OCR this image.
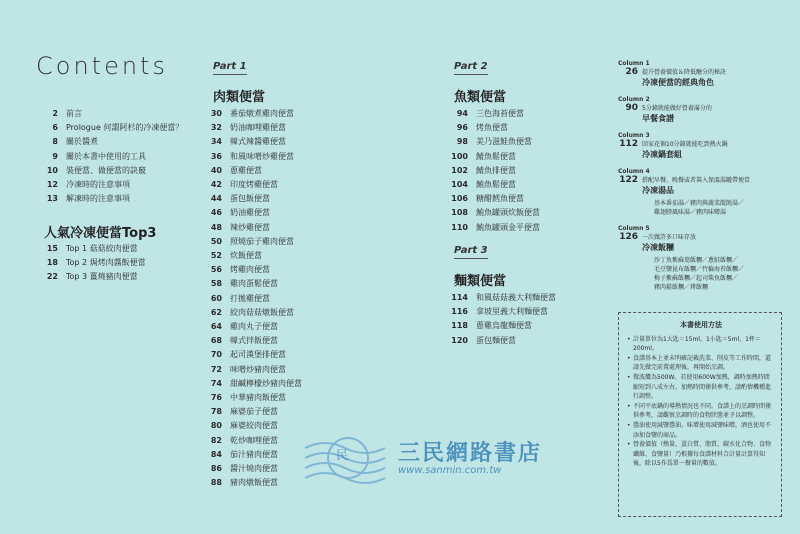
Contents
2 前言
6 Prologue 何謂阿杉的冷凍便當？
8 關於醬煮
9 關於本書中使用的工具
10 裝便當、做便當的訣竅
12 冷凍時的注意事項
13 解凍時的注意事項
人氣冷凍便當Top3
15 Top 1 菇菇絞肉便當
18 Top 2 焗烤肉醬飯便當
22 Top 3 薑燒豬肉便當
Part 1
肉類便當
30 番茄燉煮雞肉便當
32 奶油咖哩雞便當
34 韓式辣醬雞便當
36 和風味噌炒雞便當
40 蔥雞便當
42 印度烤雞便當
44 蛋包飯便當
46 奶油雞便當
48 辣炒雞便當
50 照燒茄子雞肉便當
52 炊飯便當
56 烤雞肉便當
58 雞肉蛋鬆便當
60 打拋雞便當
62 絞肉菇菇燉飯便當
64 雞肉丸子便當
68 韓式拌飯便當
70 起司漢堡排便當
72 味噌炒豬肉便當
74 甜鹹檸檬炒豬肉便當
76 中華豬肉飯便當
78 麻婆茄子便當
80 麻婆絞肉便當
82 乾炒咖哩便當
84 茄汁豬肉便當
86 醬汁燒肉便當
88 豬肉燉飯便當
Part 2
魚類便當
94 三色海苔便當
96 烤魚便當
98 美乃滋鮭魚便當
100 鯖魚鬆便當
102 鯖魚排便當
104 鮪魚鬆便當
106 糖醋鱈魚便當
108 鮪魚罐頭炊飯便當
110 鮪魚罐頭金平便當
Part 3
麵類便當
114 和風菇菇義大利麵便當
116 拿坡里義大利麵便當
118 蔥雞烏龍麵便當
120 蛋包麵便當
Column 1
26 提升營養價值＆降低醣分的秘訣
冷凍便當的經典角色
Column 2
90 5分鐘就能做好營養滿分的
早餐食譜
Column 3
112 回家花個10分鐘就能吃到熱火鍋
冷凍鍋套組
Column 4
122 搭配早餐、晚餐或者裝入保溫湯罐帶便當
冷凍湯品
基本番茄湯／豬肉與蔬菜餛飩湯／
雞翅膀風味湯／豬肉味噌湯
Column 5
126 一次做許多口味存放
冷凍飯糰
沙丁魚紫蘇葉飯糰／蔥鮭飯糰／
毛豆鹽昆布飯糰／竹輪海苔飯糰／
梅子紫蘇飯糰／起司柴魚飯糰／
豬肉鬆飯糰／烤飯糰
本書使用方法
• 計量單位為1大匙＝15ml，1小匙＝5ml，1杯＝200ml。
• 食譜基本上並未明確記載洗菜、削皮等工作時間，還請先做完前置處理後，再開始烹調。
• 微波爐為500W。若使用600W加熱，調時加熱時間縮短到八成左右。加熱時間僅供參考，請酌情機種進行調整。
• 不同平底鍋的導熱情況也不同。食譜上的烹調時間僅供參考，請觀察烹調時的食物狀態並予以調整。
• 醬油使用減鹽醬油。味增使用減鹽味噌，酒也使用不添加食鹽的商品。
• 營養價值（熱量、蛋白質、脂質、碳水化合物、食物纖維、食鹽量）乃根據每食譜材料合計量計算得知後，除以5作爲單一餐量的數值。
民 三民網路書店
www.sanmin.com.tw
